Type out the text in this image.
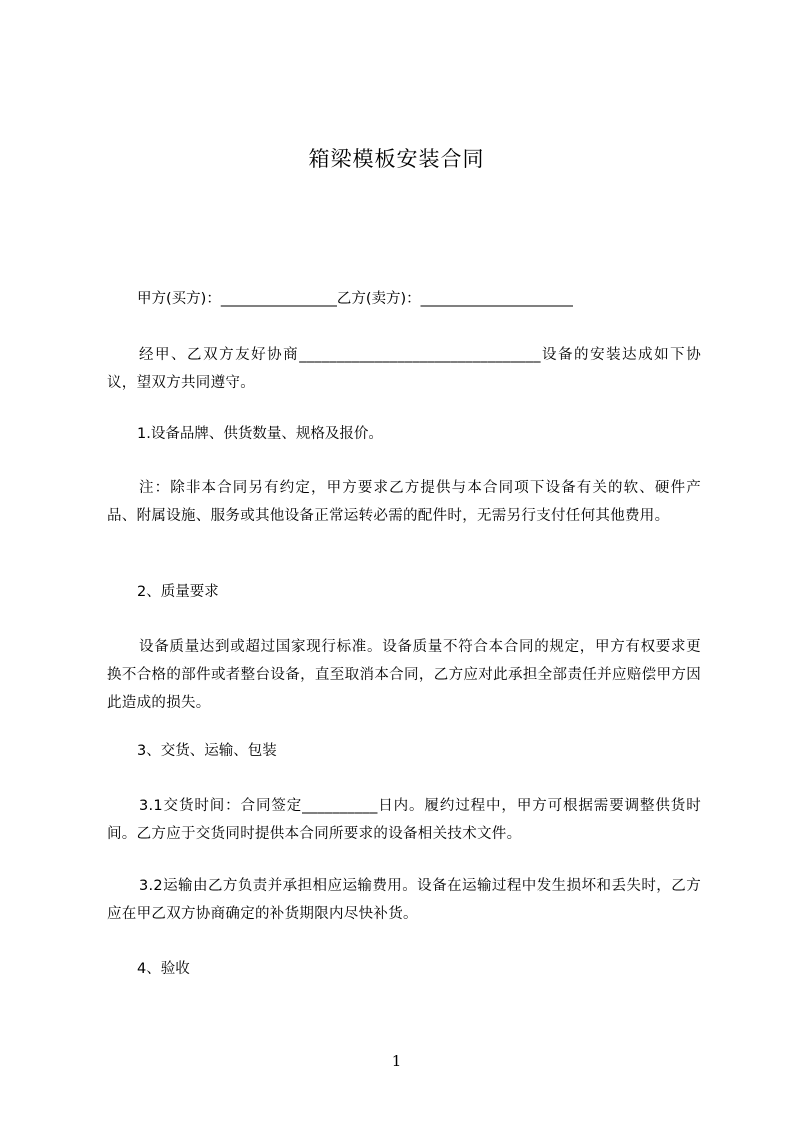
箱梁模板安装合同
甲方(买方)：________________乙方(卖方)：_____________________
经甲、乙双方友好协商________________________________设备的安装达成如下协议，望双方共同遵守。
1.设备品牌、供货数量、规格及报价。
注：除非本合同另有约定，甲方要求乙方提供与本合同项下设备有关的软、硬件产品、附属设施、服务或其他设备正常运转必需的配件时，无需另行支付任何其他费用。
2、质量要求
设备质量达到或超过国家现行标准。设备质量不符合本合同的规定，甲方有权要求更换不合格的部件或者整台设备，直至取消本合同，乙方应对此承担全部责任并应赔偿甲方因此造成的损失。
3、交货、运输、包装
3.1交货时间：合同签定__________日内。履约过程中，甲方可根据需要调整供货时间。乙方应于交货同时提供本合同所要求的设备相关技术文件。
3.2运输由乙方负责并承担相应运输费用。设备在运输过程中发生损坏和丢失时，乙方应在甲乙双方协商确定的补货期限内尽快补货。
4、验收
1
